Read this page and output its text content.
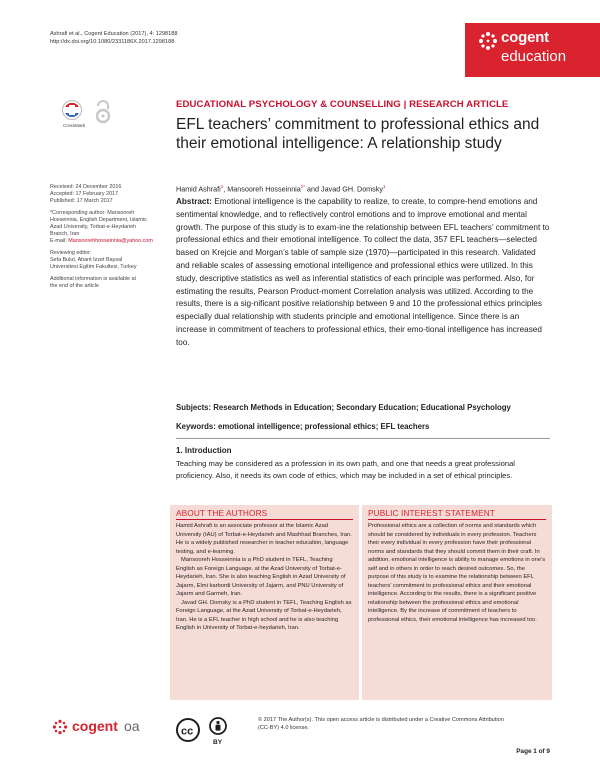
Ashrafi et al., Cogent Education (2017), 4: 1298188
http://dx.doi.org/10.1080/2331186X.2017.1298188	cogent
education
CrossMark
EDUCATIONAL PSYCHOLOGY & COUNSELLING | RESEARCH ARTICLE
EFL teachers’ commitment to professional ethics and their emotional intelligence: A relationship study
Hamid Ashrafi$^1$, Mansooreh Hosseinnia$^{1*}$ and Javad GH. Domsky$^1$

Received: 24 December 2016

Accepted: 17 February 2017

Published: 17 March 2017

*Corresponding author: Mansooreh

Hosseinnia, English Department, Islamic

Azad University, Torbat-e-Heydarieh

Branch, Iran

E-mail: Mansoorehhosseinnia@yahoo.com

Reviewing editor:

Sefa Bulut, Abant Izzet Baysal

Universitesi Egitim Fakultesi, Turkey

Additional information is available at

the end of the article

Abstract: Emotional intelligence is the capability to realize, to create, to compre-hend emotions and sentimental knowledge, and to reflectively control emotions and to improve emotional and mental growth. The purpose of this study is to exam-ine the relationship between EFL teachers’ commitment to professional ethics and their emotional intelligence. To collect the data, 357 EFL teachers—selected based on Krejcie and Morgan’s table of sample size (1970)—participated in this research. Validated and reliable scales of assessing emotional intelligence and professional ethics were utilized. In this study, descriptive statistics as well as inferential statistics of each principle was performed. Also, for estimating the results, Pearson Product-moment Correlation analysis was utilized. According to the results, there is a sig-nificant positive relationship between 9 and 10 the professional ethics principles especially dual relationship with students principle and emotional intelligence. Since there is an increase in commitment of teachers to professional ethics, their emo-tional intelligence has increased too.
Subjects: Research Methods in Education; Secondary Education; Educational Psychology
Keywords: emotional intelligence; professional ethics; EFL teachers
1. Introduction
Teaching may be considered as a profession in its own path, and one that needs a great professional proficiency. Also, it needs its own code of ethics, which may be included in a set of ethical principles.
ABOUT THE AUTHORS

Hamid Ashrafi is an associate professor at the Islamic Azad University (IAU) of Torbat-e-Heydarieh and Mashhad Branches, Iran. He is a widely published researcher in teacher education, language testing, and e-learning.

Mansooreh Hosseinnia is a PhD student in TEFL, Teaching English as Foreign Language, at the Azad University of Torbat-e-Heydarieh, Iran. She is also teaching English in Azad University of Jajarm, Elmi karbordi University of Jajarm, and PNU University of Jajarm and Garmeh, Iran.

Javad GH. Domsky is a PhD student in TEFL, Teaching English as Foreign Language, at the Azad University of Torbat-e-Heydarieh, Iran. He is a EFL teacher in high school and he is also teaching English in University of Torbat-e-heydarieh, Iran.

PUBLIC INTEREST STATEMENT

Professional ethics are a collection of norms and standards which should be considered by individuals in every profession. Teachers their every individual in every profession have their professional norms and standards that they should commit them in their craft. In addition, emotional intelligence is ability to manage emotions in one’s self and in others in order to reach desired outcomes. So, the purpose of this study is to examine the relationship between EFL teachers’ commitment to professional ethics and their emotional intelligence. According to the results, there is a significant positive relationship between the professional ethics and emotional intelligence. By the increase of commitment of teachers to professional ethics, their emotional intelligence has increased too.

cogent oa	cc
BY
© 2017 The Author(s). This open access article is distributed under a Creative Commons Attribution
(CC-BY) 4.0 license.
Page 1 of 9
